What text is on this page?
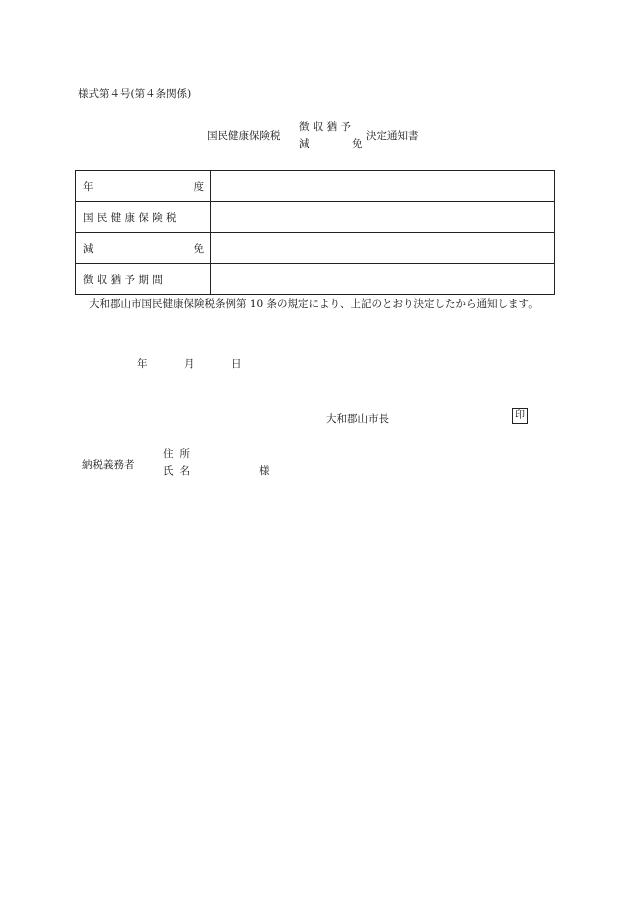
様式第４号(第４条関係)
国民健康保険税
徴 収 猶 予
減	免
決定通知書
年 度	

国 民 健 康 保 険 税	

減 免	

徴 収 猶 予 期 間	

大和郡山市国民健康保険税条例第 10 条の規定により、上記のとおり決定したから通知します。
年	月	日
大和郡山市長	印
納税義務者
住所
氏名	様
